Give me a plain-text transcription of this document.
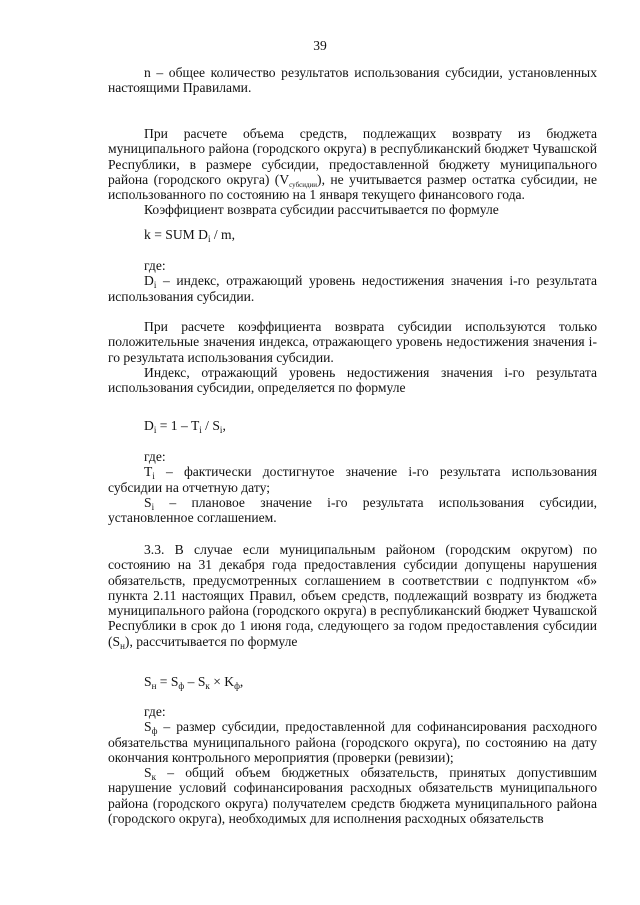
39

n – общее количество результатов использования субсидии, установленных настоящими Правилами.

При расчете объема средств, подлежащих возврату из бюджета муниципального района (городского округа) в республиканский бюджет Чувашской Республики, в размере субсидии, предоставленной бюджету муниципального района (городского округа) $(V_{субсидии})$, не учитывается размер остатка субсидии, не использованного по состоянию на 1 января текущего финансового года.

Коэффициент возврата субсидии рассчитывается по формуле

k = SUM $D_i$ / m,

где:

$D_i$ – индекс, отражающий уровень недостижения значения i-го результата использования субсидии.

При расчете коэффициента возврата субсидии используются только положительные значения индекса, отражающего уровень недостижения значения i-го результата использования субсидии.

Индекс, отражающий уровень недостижения значения i-го результата использования субсидии, определяется по формуле

$D_i = 1 - T_i / S_i$,

где:

$T_i$ – фактически достигнутое значение i-го результата использования субсидии на отчетную дату;

$S_i$ – плановое значение i-го результата использования субсидии, установленное соглашением.

3.3. В случае если муниципальным районом (городским округом) по состоянию на 31 декабря года предоставления субсидии допущены нарушения обязательств, предусмотренных соглашением в соответствии с подпунктом «б» пункта 2.11 настоящих Правил, объем средств, подлежащий возврату из бюджета муниципального района (городского округа) в республиканский бюджет Чувашской Республики в срок до 1 июня года, следующего за годом предоставления субсидии $(S_н)$, рассчитывается по формуле

$S_н = S_ф - S_к \times K_ф$,

где:

$S_ф$ – размер субсидии, предоставленной для софинансирования расходного обязательства муниципального района (городского округа), по состоянию на дату окончания контрольного мероприятия (проверки (ревизии);

$S_к$ – общий объем бюджетных обязательств, принятых допустившим нарушение условий софинансирования расходных обязательств муниципального района (городского округа) получателем средств бюджета муниципального района (городского округа), необходимых для исполнения расходных обязательств
